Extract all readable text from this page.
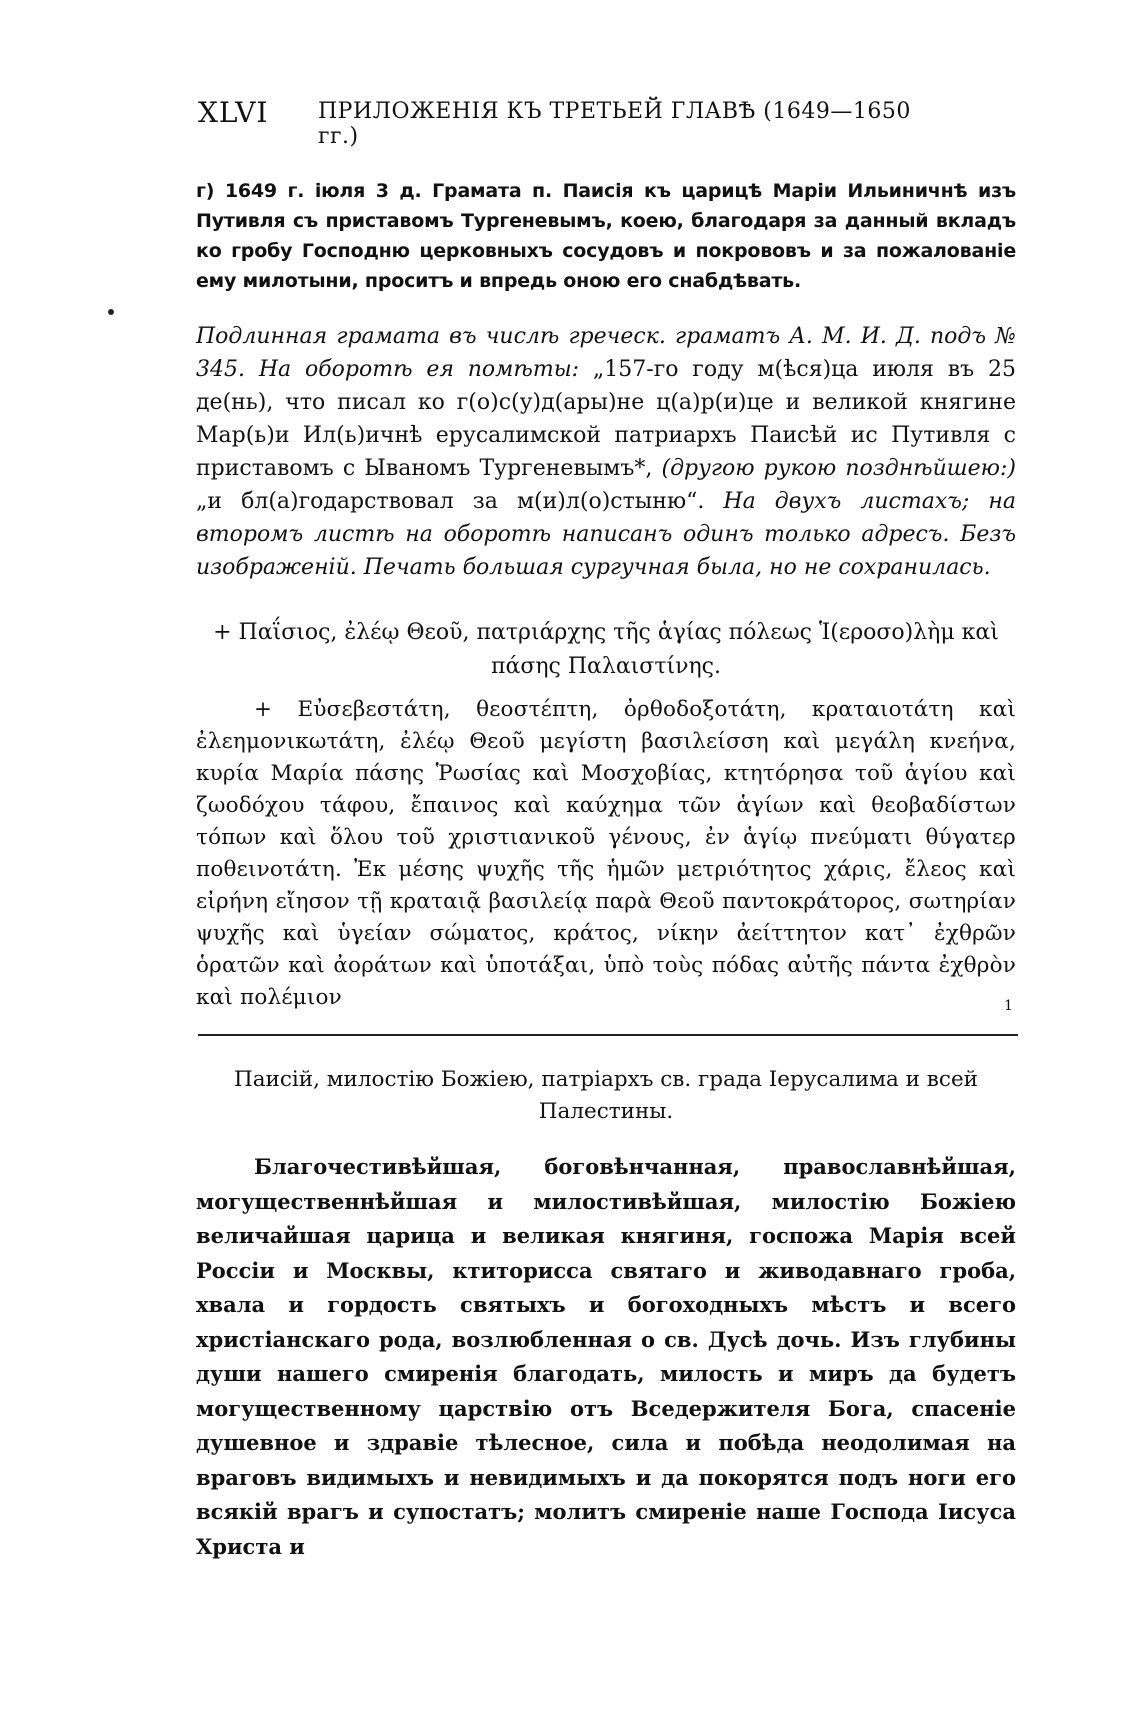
XLVI ПРИЛОЖЕНІЯ КЪ ТРЕТЬЕЙ ГЛАВѢ (1649—1650 гг.)
г) 1649 г. іюля 3 д. Грамата п. Паисія къ царицѣ Маріи Ильиничнѣ изъ Путивля съ приставомъ Тургеневымъ, коею, благодаря за данный вкладъ ко гробу Господню церковныхъ сосудовъ и покрововъ и за пожалованіе ему милотыни, проситъ и впредь оною его снабдѣвать.
Подлинная грамата въ числѣ греческ. граматъ А. М. И. Д. подъ № 345. На оборотѣ ея помѣты: „157-го году м(ѣся)ца июля въ 25 де(нь), что писал ко г(о)с(у)д(ары)не ц(а)р(и)це и великой княгине Мар(ь)и Ил(ь)ичнѣ ерусалимской патриархъ Паисѣй ис Путивля с приставомъ с Ываномъ Тургеневымъ*, (другою рукою позднѣйшею:) „и бл(а)годарствовал за м(и)л(о)стыню“. На двухъ листахъ; на второмъ листѣ на оборотѣ написанъ одинъ только адресъ. Безъ изображеній. Печать большая сургучная была, но не сохранилась.
+ Παΐσιος, ἐλέῳ Θεοῦ, πατριάρχης τῆς ἁγίας πόλεως Ἱ(εροσο)λὴμ καὶ πάσης Παλαιστίνης.
+ Εὐσεβεστάτη, θεοστέπτη, ὀρθοδοξοτάτη, κραταιοτάτη καὶ ἐλεημονικωτάτη, ἐλέῳ Θεοῦ μεγίστη βασιλείσση καὶ μεγάλη κνεήνα, κυρία Μαρία πάσης Ῥωσίας καὶ Μοσχοβίας, κτητόρησα τοῦ ἁγίου καὶ ζωοδόχου τάφου, ἔπαινος καὶ καύχημα τῶν ἁγίων καὶ θεοβαδίστων τόπων καὶ ὅλου τοῦ χριστιανικοῦ γένους, ἐν ἁγίῳ πνεύματι θύγατερ ποθεινοτάτη. Ἐκ μέσης ψυχῆς τῆς ἡμῶν μετριότητος χάρις, ἔλεος καὶ εἰρήνη εἴησον τῇ κραταιᾷ βασιλείᾳ παρὰ Θεοῦ παντοκράτορος, σωτηρίαν ψυχῆς καὶ ὑγείαν σώματος, κράτος, νίκην ἀείττητον κατ᾽ ἐχθρῶν ὁρατῶν καὶ ἀοράτων καὶ ὑποτάξαι, ὑπὸ τοὺς πόδας αὐτῆς πάντα ἐχθρὸν καὶ πολέμιον	1
Паисій, милостію Божіею, патріархъ св. града Іерусалима и всей Палестины.
Благочестивѣйшая, боговѣнчанная, православнѣйшая, могущественнѣйшая и милостивѣйшая, милостію Божіею величайшая царица и великая княгиня, госпожа Марія всей Россіи и Москвы, ктиторисса святаго и живодавнаго гроба, хвала и гордость святыхъ и богоходныхъ мѣстъ и всего христіанскаго рода, возлюбленная о св. Дусѣ дочь. Изъ глубины души нашего смиренія благодать, милость и миръ да будетъ могущественному царствію отъ Вседержителя Бога, спасеніе душевное и здравіе тѣлесное, сила и побѣда неодолимая на враговъ видимыхъ и невидимыхъ и да покорятся подъ ноги его всякій врагъ и супостатъ; молитъ смиреніе наше Господа Іисуса Христа и
